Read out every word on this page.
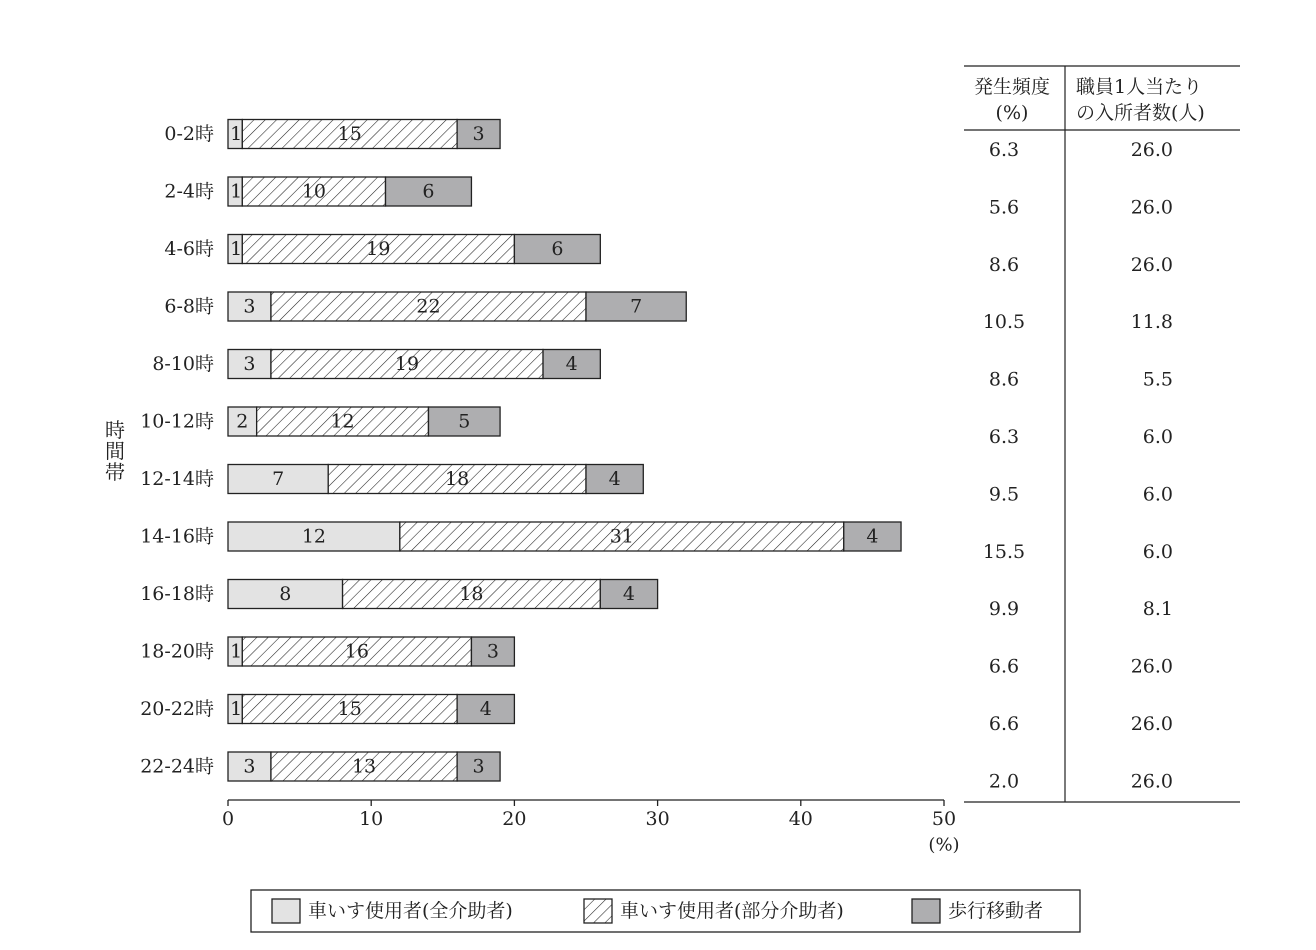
0-2時 1	15	3
2-4時 1	10	6
4-6時 1	19	6
6-8時 3	22	7
8-10時 3	19	4
10-12時 2	12	5
12-14時	7	18	4
14-16時	12	31	4
16-18時	8	18	4
18-20時 1	16	3
20-22時 1	15	4
22-24時 3	13	3
時
間
帯
0	10	20	30	40	50
(%)
発生頻度
(%)
職員1人当たり
の入所者数(人)
6.3	26.0
5.6	26.0
8.6	26.0
10.5	11.8
8.6	5.5
6.3	6.0
9.5	6.0
15.5	6.0
9.9	8.1
6.6	26.0
6.6	26.0
2.0	26.0
車いす使用者(全介助者)	車いす使用者(部分介助者)	歩行移動者
